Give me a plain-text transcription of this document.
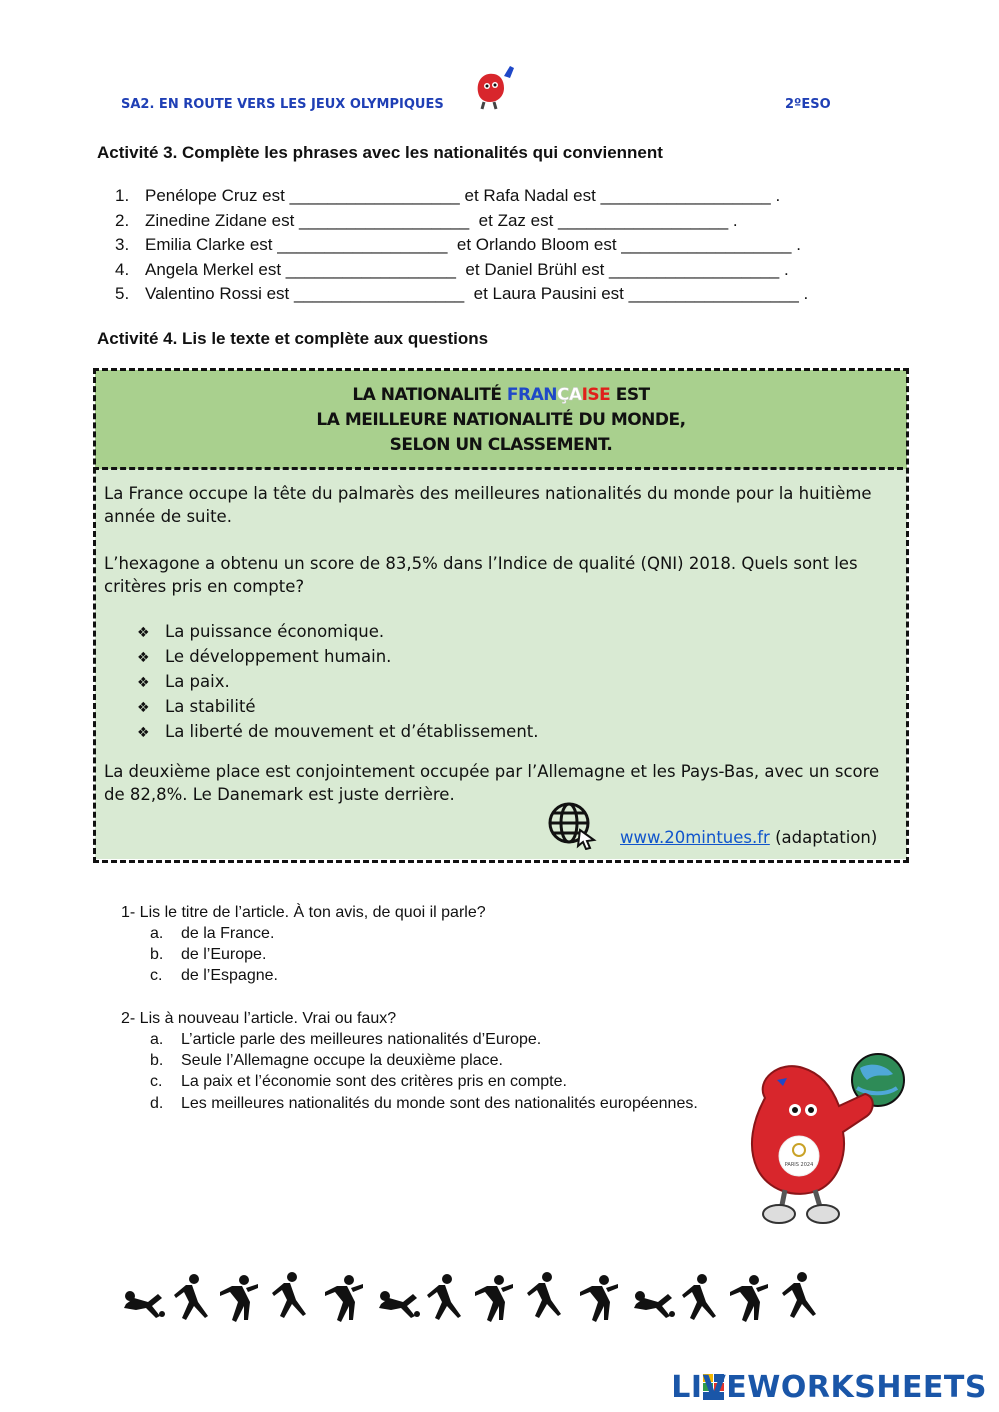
SA2. EN ROUTE VERS LES JEUX OLYMPIQUES	2ºESO
Activité 3. Complète les phrases avec les nationalités qui conviennent
1. Penélope Cruz est __________________ et Rafa Nadal est __________________ .
2. Zinedine Zidane est __________________  et Zaz est __________________ .
3. Emilia Clarke est __________________  et Orlando Bloom est __________________ .
4. Angela Merkel est __________________  et Daniel Brühl est __________________ .
5. Valentino Rossi est __________________  et Laura Pausini est __________________ .
Activité 4. Lis le texte et complète aux questions
LA NATIONALITÉ FRANÇAISE EST
LA MEILLEURE NATIONALITÉ DU MONDE,
SELON UN CLASSEMENT.
La France occupe la tête du palmarès des meilleures nationalités du monde pour la huitième année de suite.
L’hexagone a obtenu un score de 83,5% dans l’Indice de qualité (QNI) 2018. Quels sont les critères pris en compte?
❖ La puissance économique.
❖ Le développement humain.
❖ La paix.
❖ La stabilité
❖ La liberté de mouvement et d’établissement.
La deuxième place est conjointement occupée par l’Allemagne et les Pays-Bas, avec un score de 82,8%. Le Danemark est juste derrière.
www.20mintues.fr (adaptation)
1- Lis le titre de l’article. À ton avis, de quoi il parle?
a. de la France.
b. de l’Europe.
c. de l’Espagne.
2- Lis à nouveau l’article. Vrai ou faux?
a. L’article parle des meilleures nationalités d’Europe.
b. Seule l’Allemagne occupe la deuxième place.
c. La paix et l’économie sont des critères pris en compte.
d.	Les meilleures nationalités du monde sont des nationalités européennes.
PARIS 2024
LIVEWORKSHEETS
